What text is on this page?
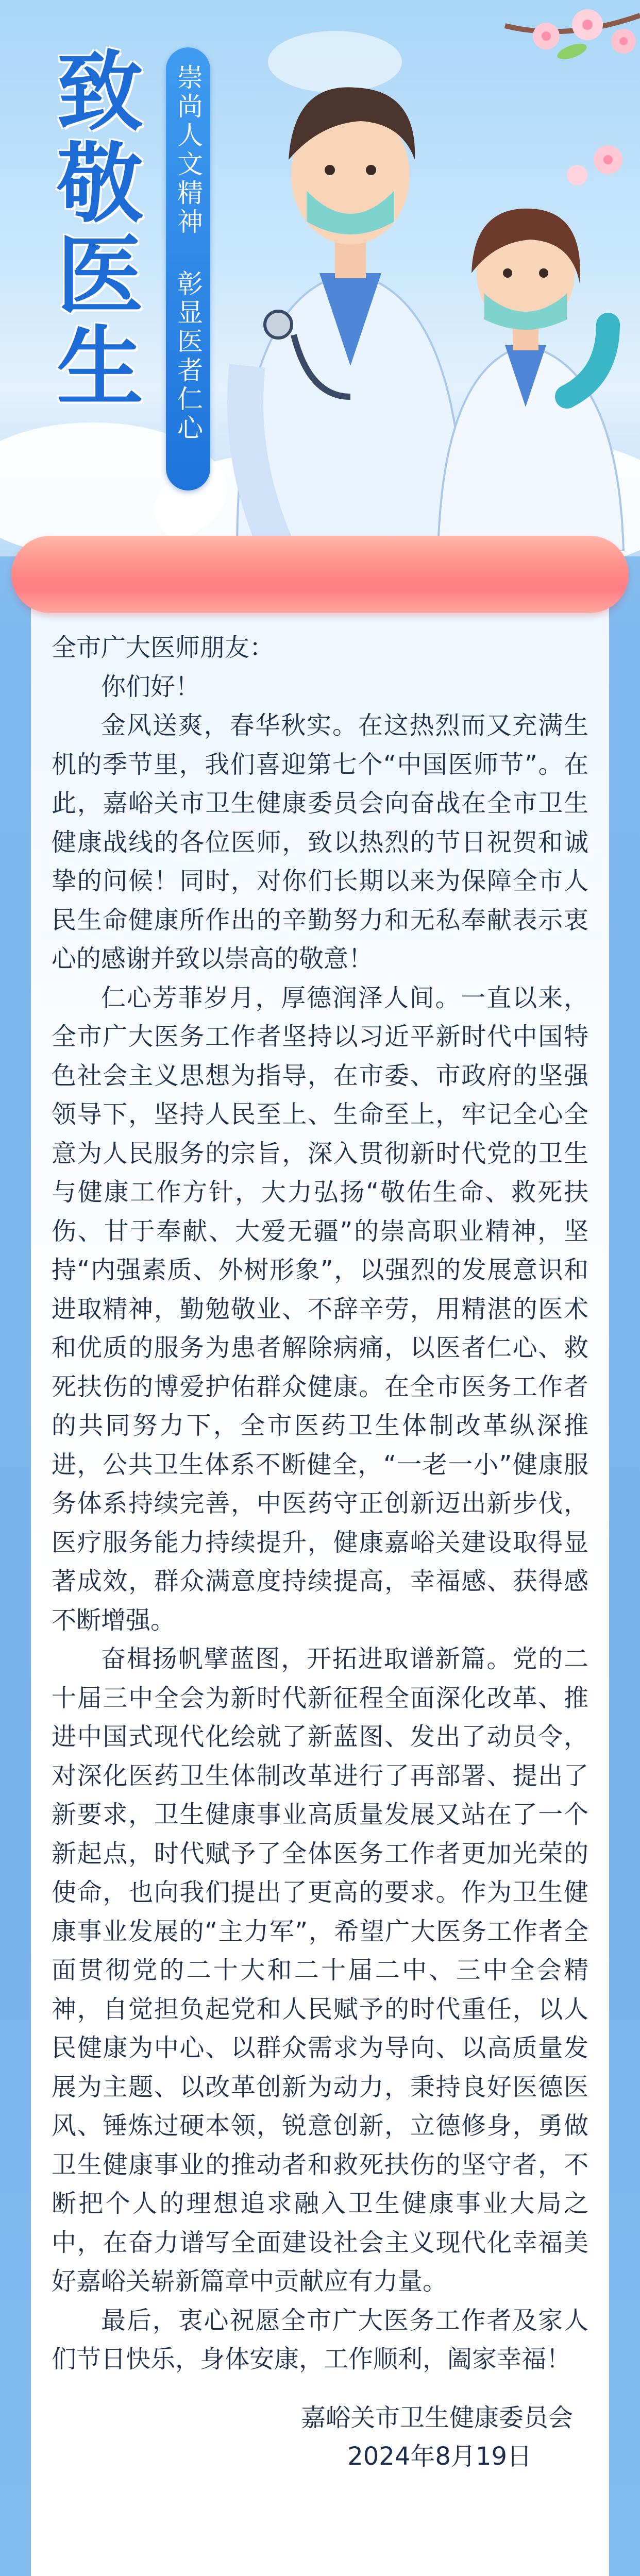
致
敬
医
生 崇尚人文精神 彰显医者仁心

全市广大医师朋友：

你们好！

金风送爽，春华秋实。在这热烈而又充满生机的季节里，我们喜迎第七个“中国医师节”。在此，嘉峪关市卫生健康委员会向奋战在全市卫生健康战线的各位医师，致以热烈的节日祝贺和诚挚的问候！同时，对你们长期以来为保障全市人民生命健康所作出的辛勤努力和无私奉献表示衷心的感谢并致以崇高的敬意！

仁心芳菲岁月，厚德润泽人间。一直以来，全市广大医务工作者坚持以习近平新时代中国特色社会主义思想为指导，在市委、市政府的坚强领导下，坚持人民至上、生命至上，牢记全心全意为人民服务的宗旨，深入贯彻新时代党的卫生与健康工作方针，大力弘扬“敬佑生命、救死扶伤、甘于奉献、大爱无疆”的崇高职业精神，坚持“内强素质、外树形象”，以强烈的发展意识和进取精神，勤勉敬业、不辞辛劳，用精湛的医术和优质的服务为患者解除病痛，以医者仁心、救死扶伤的博爱护佑群众健康。在全市医务工作者的共同努力下，全市医药卫生体制改革纵深推进，公共卫生体系不断健全，“一老一小”健康服务体系持续完善，中医药守正创新迈出新步伐，医疗服务能力持续提升，健康嘉峪关建设取得显著成效，群众满意度持续提高，幸福感、获得感不断增强。

奋楫扬帆擘蓝图，开拓进取谱新篇。党的二十届三中全会为新时代新征程全面深化改革、推进中国式现代化绘就了新蓝图、发出了动员令，对深化医药卫生体制改革进行了再部署、提出了新要求，卫生健康事业高质量发展又站在了一个新起点，时代赋予了全体医务工作者更加光荣的使命，也向我们提出了更高的要求。作为卫生健康事业发展的“主力军”，希望广大医务工作者全面贯彻党的二十大和二十届二中、三中全会精神，自觉担负起党和人民赋予的时代重任，以人民健康为中心、以群众需求为导向、以高质量发展为主题、以改革创新为动力，秉持良好医德医风、锤炼过硬本领，锐意创新，立德修身，勇做卫生健康事业的推动者和救死扶伤的坚守者，不断把个人的理想追求融入卫生健康事业大局之中，在奋力谱写全面建设社会主义现代化幸福美好嘉峪关崭新篇章中贡献应有力量。

最后，衷心祝愿全市广大医务工作者及家人们节日快乐，身体安康，工作顺利，阖家幸福！

嘉峪关市卫生健康委员会

2024年8月19日
